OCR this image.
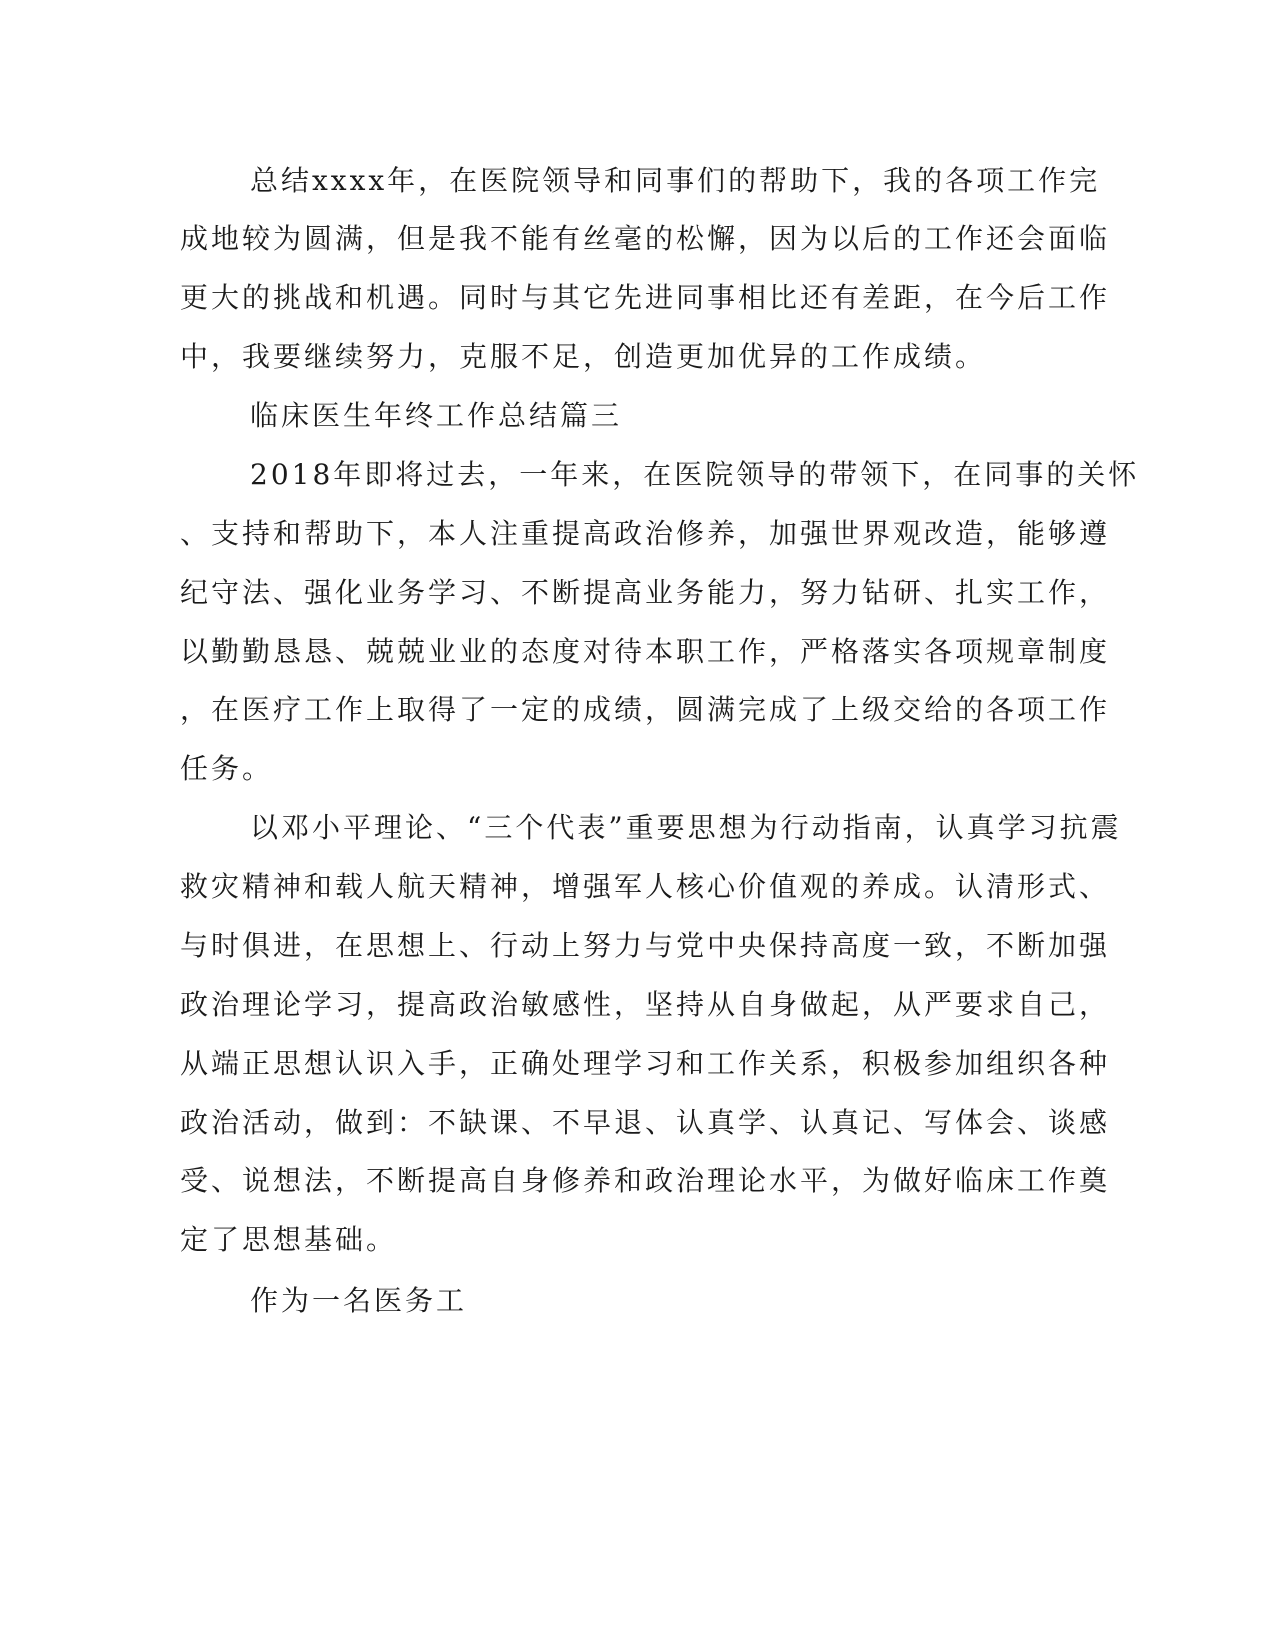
总结xxxx年，在医院领导和同事们的帮助下，我的各项工作完
成地较为圆满，但是我不能有丝毫的松懈，因为以后的工作还会面临
更大的挑战和机遇。同时与其它先进同事相比还有差距，在今后工作
中，我要继续努力，克服不足，创造更加优异的工作成绩。
临床医生年终工作总结篇三
2018年即将过去，一年来，在医院领导的带领下，在同事的关怀
、支持和帮助下，本人注重提高政治修养，加强世界观改造，能够遵
纪守法、强化业务学习、不断提高业务能力，努力钻研、扎实工作，
以勤勤恳恳、兢兢业业的态度对待本职工作，严格落实各项规章制度
，在医疗工作上取得了一定的成绩，圆满完成了上级交给的各项工作
任务。
以邓小平理论、“三个代表”重要思想为行动指南，认真学习抗震
救灾精神和载人航天精神，增强军人核心价值观的养成。认清形式、
与时俱进，在思想上、行动上努力与党中央保持高度一致，不断加强
政治理论学习，提高政治敏感性，坚持从自身做起，从严要求自己，
从端正思想认识入手，正确处理学习和工作关系，积极参加组织各种
政治活动，做到：不缺课、不早退、认真学、认真记、写体会、谈感
受、说想法，不断提高自身修养和政治理论水平，为做好临床工作奠
定了思想基础。
作为一名医务工
